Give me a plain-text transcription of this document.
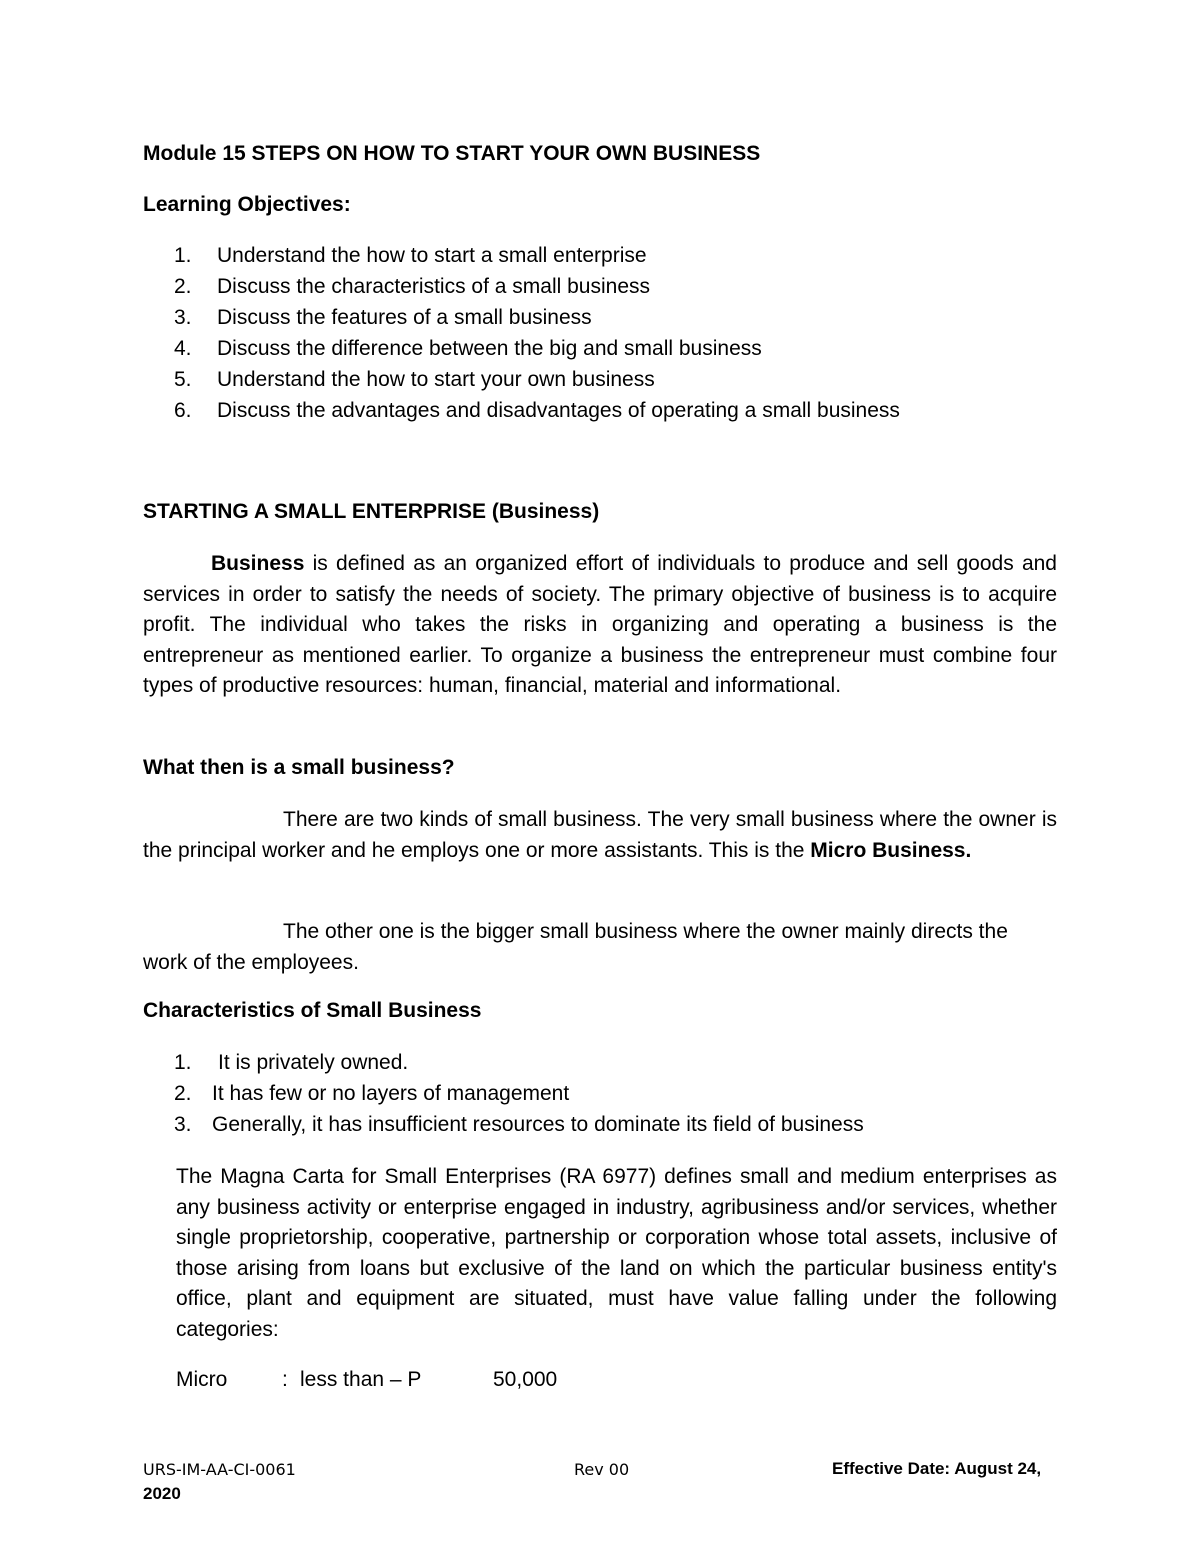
Module 15 STEPS ON HOW TO START YOUR OWN BUSINESS
Learning Objectives:
1. Understand the how to start a small enterprise
2. Discuss the characteristics of a small business
3. Discuss the features of a small business
4. Discuss the difference between the big and small business
5. Understand the how to start your own business
6. Discuss the advantages and disadvantages of operating a small business
STARTING A SMALL ENTERPRISE (Business)
Business is defined as an organized effort of individuals to produce and sell goods and services in order to satisfy the needs of society. The primary objective of business is to acquire profit. The individual who takes the risks in organizing and operating a business is the entrepreneur as mentioned earlier. To organize a business the entrepreneur must combine four types of productive resources: human, financial, material and informational.
What then is a small business?
There are two kinds of small business. The very small business where the owner is the principal worker and he employs one or more assistants. This is the Micro Business.
The other one is the bigger small business where the owner mainly directs the work of the employees.
Characteristics of Small Business
1. It is privately owned.
2. It has few or no layers of management
3. Generally, it has insufficient resources to dominate its field of business
The Magna Carta for Small Enterprises (RA 6977) defines small and medium enterprises as any business activity or enterprise engaged in industry, agribusiness and/or services, whether single proprietorship, cooperative, partnership or corporation whose total assets, inclusive of those arising from loans but exclusive of the land on which the particular business entity's office, plant and equipment are situated, must have value falling under the following categories:
Micro	: less than – P	50,000
URS-IM-AA-CI-0061	Rev 00	Effective Date: August 24,
2020
